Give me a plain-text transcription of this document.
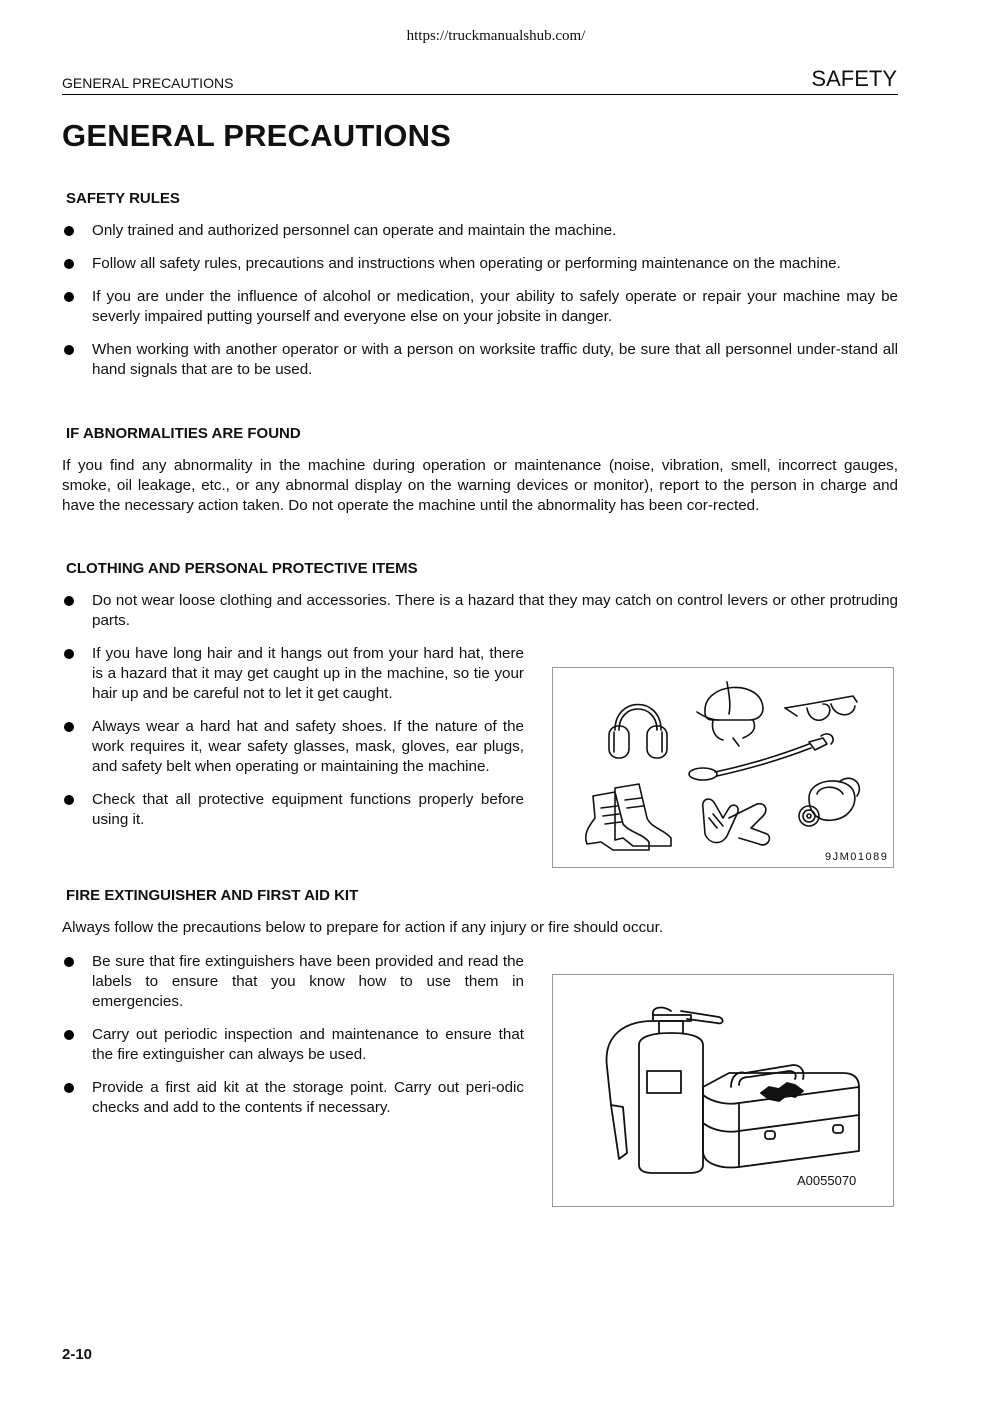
https://truckmanualshub.com/
GENERAL PRECAUTIONS	SAFETY
GENERAL PRECAUTIONS
SAFETY RULES
Only trained and authorized personnel can operate and maintain the machine.
Follow all safety rules, precautions and instructions when operating or performing maintenance on the machine.
If you are under the influence of alcohol or medication, your ability to safely operate or repair your machine may be severly impaired putting yourself and everyone else on your jobsite in danger.
When working with another operator or with a person on worksite traffic duty, be sure that all personnel under-stand all hand signals that are to be used.
IF ABNORMALITIES ARE FOUND

If you find any abnormality in the machine during operation or maintenance (noise, vibration, smell, incorrect gauges, smoke, oil leakage, etc., or any abnormal display on the warning devices or monitor), report to the person in charge and have the necessary action taken. Do not operate the machine until the abnormality has been cor-rected.

CLOTHING AND PERSONAL PROTECTIVE ITEMS
Do not wear loose clothing and accessories. There is a hazard that they may catch on control levers or other protruding parts.
If you have long hair and it hangs out from your hard hat, there is a hazard that it may get caught up in the machine, so tie your hair up and be careful not to let it get caught.
Always wear a hard hat and safety shoes. If the nature of the work requires it, wear safety glasses, mask, gloves, ear plugs, and safety belt when operating or maintaining the machine.
Check that all protective equipment functions properly before using it.
9JM01089
FIRE EXTINGUISHER AND FIRST AID KIT

Always follow the precautions below to prepare for action if any injury or fire should occur.

Be sure that fire extinguishers have been provided and read the labels to ensure that you know how to use them in emergencies.
Carry out periodic inspection and maintenance to ensure that the fire extinguisher can always be used.
Provide a first aid kit at the storage point. Carry out peri-odic checks and add to the contents if necessary.
A0055070
2-10
